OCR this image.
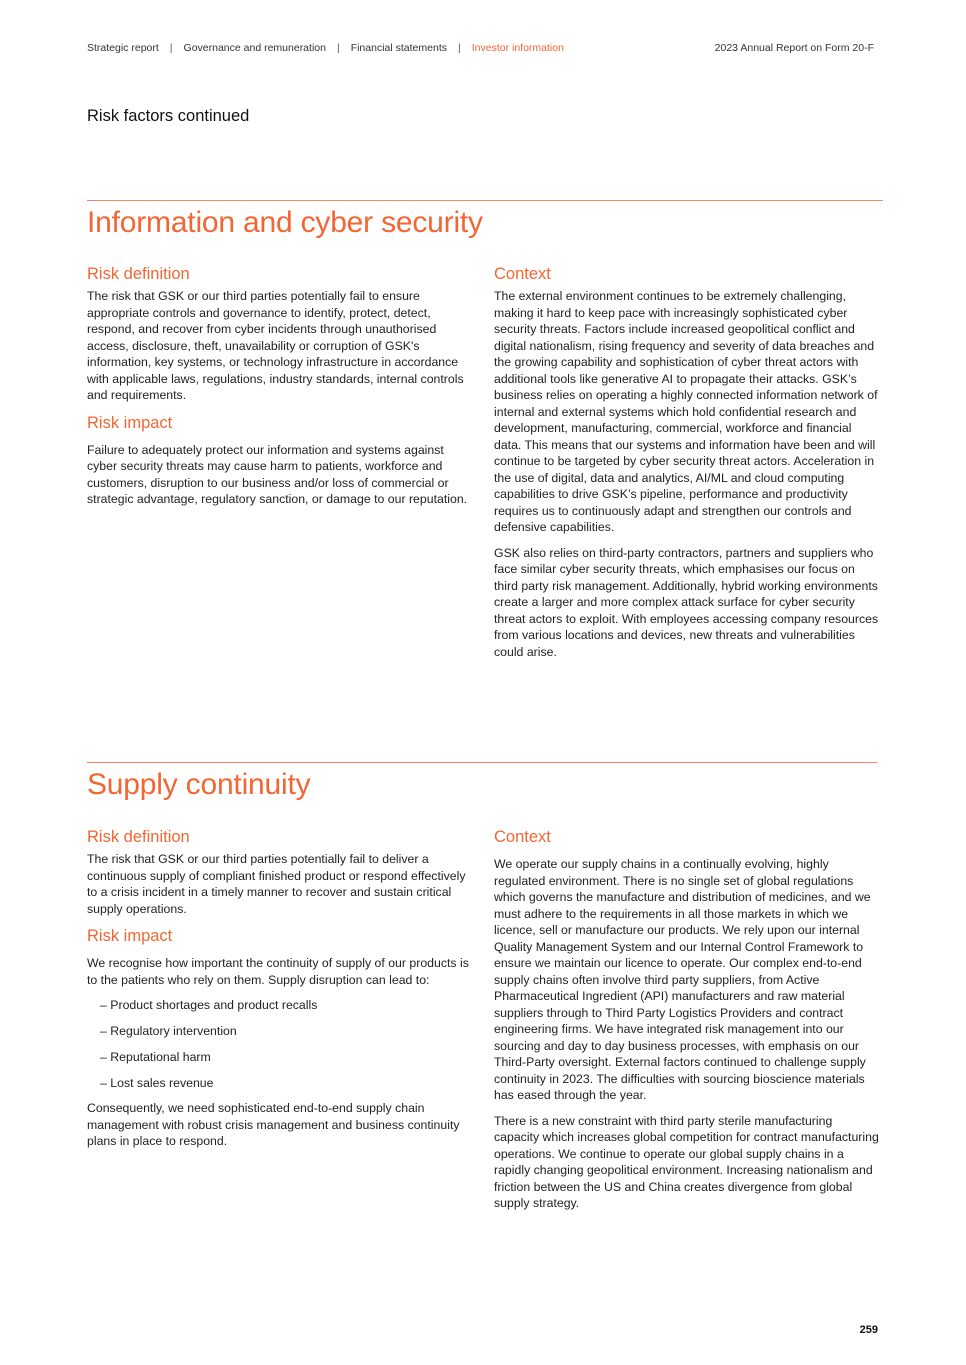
Strategic report | Governance and remuneration | Financial statements | Investor information	2023 Annual Report on Form 20-F
Risk factors continued
Information and cyber security
Risk definition

The risk that GSK or our third parties potentially fail to ensure appropriate controls and governance to identify, protect, detect, respond, and recover from cyber incidents through unauthorised access, disclosure, theft, unavailability or corruption of GSK's information, key systems, or technology infrastructure in accordance with applicable laws, regulations, industry standards, internal controls and requirements.

Risk impact

Failure to adequately protect our information and systems against cyber security threats may cause harm to patients, workforce and customers, disruption to our business and/or loss of commercial or strategic advantage, regulatory sanction, or damage to our reputation.

Context

The external environment continues to be extremely challenging, making it hard to keep pace with increasingly sophisticated cyber security threats. Factors include increased geopolitical conflict and digital nationalism, rising frequency and severity of data breaches and the growing capability and sophistication of cyber threat actors with additional tools like generative AI to propagate their attacks. GSK’s business relies on operating a highly connected information network of internal and external systems which hold confidential research and development, manufacturing, commercial, workforce and financial data. This means that our systems and information have been and will continue to be targeted by cyber security threat actors. Acceleration in the use of digital, data and analytics, AI/ML and cloud computing capabilities to drive GSK’s pipeline, performance and productivity requires us to continuously adapt and strengthen our controls and defensive capabilities.

GSK also relies on third-party contractors, partners and suppliers who face similar cyber security threats, which emphasises our focus on third party risk management. Additionally, hybrid working environments create a larger and more complex attack surface for cyber security threat actors to exploit. With employees accessing company resources from various locations and devices, new threats and vulnerabilities could arise.

Supply continuity
Risk definition

The risk that GSK or our third parties potentially fail to deliver a continuous supply of compliant finished product or respond effectively to a crisis incident in a timely manner to recover and sustain critical supply operations.

Risk impact

We recognise how important the continuity of supply of our products is to the patients who rely on them. Supply disruption can lead to:

– Product shortages and product recalls
– Regulatory intervention
– Reputational harm
– Lost sales revenue

Consequently, we need sophisticated end-to-end supply chain management with robust crisis management and business continuity plans in place to respond.

Context

We operate our supply chains in a continually evolving, highly regulated environment. There is no single set of global regulations which governs the manufacture and distribution of medicines, and we must adhere to the requirements in all those markets in which we licence, sell or manufacture our products. We rely upon our internal Quality Management System and our Internal Control Framework to ensure we maintain our licence to operate. Our complex end-to-end supply chains often involve third party suppliers, from Active Pharmaceutical Ingredient (API) manufacturers and raw material suppliers through to Third Party Logistics Providers and contract engineering firms. We have integrated risk management into our sourcing and day to day business processes, with emphasis on our Third-Party oversight. External factors continued to challenge supply continuity in 2023. The difficulties with sourcing bioscience materials has eased through the year.

There is a new constraint with third party sterile manufacturing capacity which increases global competition for contract manufacturing operations. We continue to operate our global supply chains in a rapidly changing geopolitical environment. Increasing nationalism and friction between the US and China creates divergence from global supply strategy.

259
